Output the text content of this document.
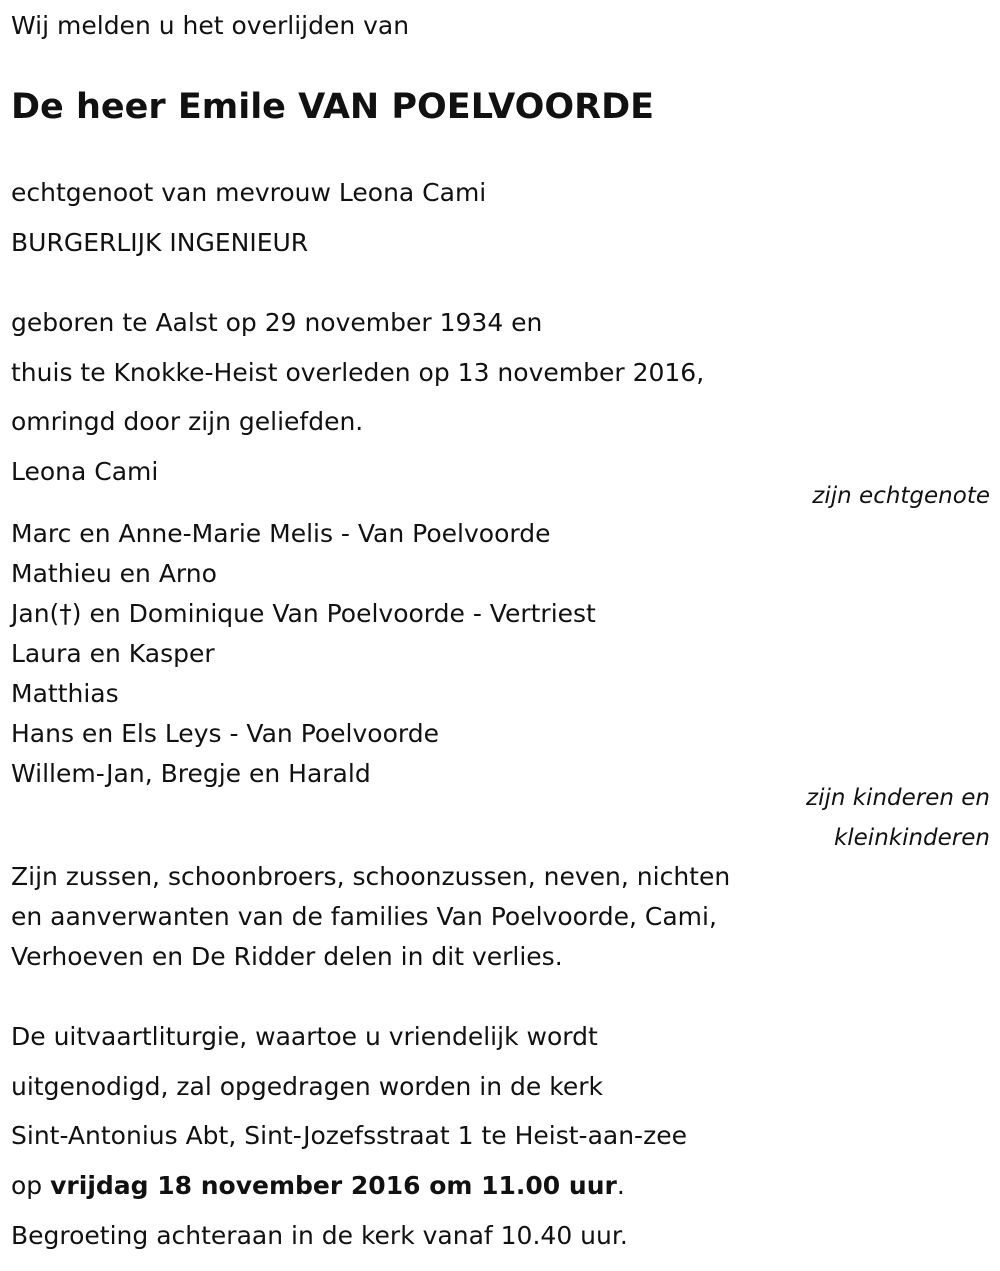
Wij melden u het overlijden van
De heer Emile VAN POELVOORDE
echtgenoot van mevrouw Leona Cami
BURGERLIJK INGENIEUR
geboren te Aalst op 29 november 1934 en
thuis te Knokke-Heist overleden op 13 november 2016,
omringd door zijn geliefden.
Leona Cami
zijn echtgenote
Marc en Anne-Marie Melis - Van Poelvoorde
Mathieu en Arno
Jan(†) en Dominique Van Poelvoorde - Vertriest
Laura en Kasper
Matthias
Hans en Els Leys - Van Poelvoorde
Willem-Jan, Bregje en Harald
zijn kinderen en
kleinkinderen
Zijn zussen, schoonbroers, schoonzussen, neven, nichten
en aanverwanten van de families Van Poelvoorde, Cami,
Verhoeven en De Ridder delen in dit verlies.
De uitvaartliturgie, waartoe u vriendelijk wordt
uitgenodigd, zal opgedragen worden in de kerk
Sint-Antonius Abt, Sint-Jozefsstraat 1 te Heist-aan-zee
op vrijdag 18 november 2016 om 11.00 uur.
Begroeting achteraan in de kerk vanaf 10.40 uur.
